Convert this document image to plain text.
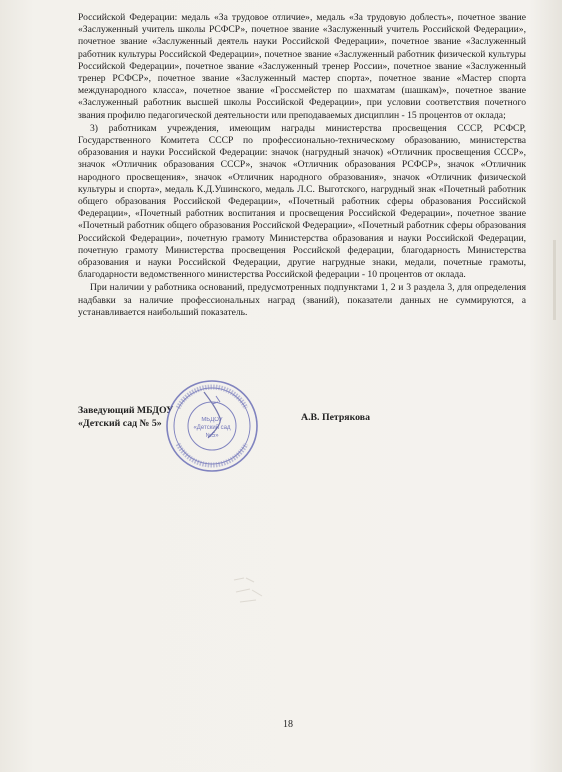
Российской Федерации: медаль «За трудовое отличие», медаль «За трудовую доблесть», почетное звание «Заслуженный учитель школы РСФСР», почетное звание «Заслуженный учитель Российской Федерации», почетное звание «Заслуженный деятель науки Российской Федерации», почетное звание «Заслуженный работник культуры Российской Федерации», почетное звание «Заслуженный работник физической культуры Российской Федерации», почетное звание «Заслуженный тренер России», почетное звание «Заслуженный тренер РСФСР», почетное звание «Заслуженный мастер спорта», почетное звание «Мастер спорта международного класса», почетное звание «Гроссмейстер по шахматам (шашкам)», почетное звание «Заслуженный работник высшей школы Российской Федерации», при условии соответствия почетного звания профилю педагогической деятельности или преподаваемых дисциплин - 15 процентов от оклада;

3) работникам учреждения, имеющим награды министерства просвещения СССР, РСФСР, Государственного Комитета СССР по профессионально-техническому образованию, министерства образования и науки Российской Федерации: значок (нагрудный значок) «Отличник просвещения СССР», значок «Отличник образования СССР», значок «Отличник образования РСФСР», значок «Отличник народного просвещения», значок «Отличник народного образования», значок «Отличник физической культуры и спорта», медаль К.Д.Ушинского, медаль Л.С. Выготского, нагрудный знак «Почетный работник общего образования Российской Федерации», «Почетный работник сферы образования Российской Федерации», «Почетный работник воспитания и просвещения Российской Федерации», почетное звание «Почетный работник общего образования Российской Федерации», «Почетный работник сферы образования Российской Федерации», почетную грамоту Министерства образования и науки Российской Федерации, почетную грамоту Министерства просвещения Российской федерации, благодарность Министерства образования и науки Российской Федерации, другие нагрудные знаки, медали, почетные грамоты, благодарности ведомственного министерства Российской федерации - 10 процентов от оклада.

При наличии у работника оснований, предусмотренных подпунктами 1, 2 и 3 раздела 3, для определения надбавки за наличие профессиональных наград (званий), показатели данных не суммируются, а устанавливается наибольший показатель.

Заведующий МБДОУ
«Детский сад № 5»	МБДОУ
«Детский сад
№5»
А.В. Петрякова
18
